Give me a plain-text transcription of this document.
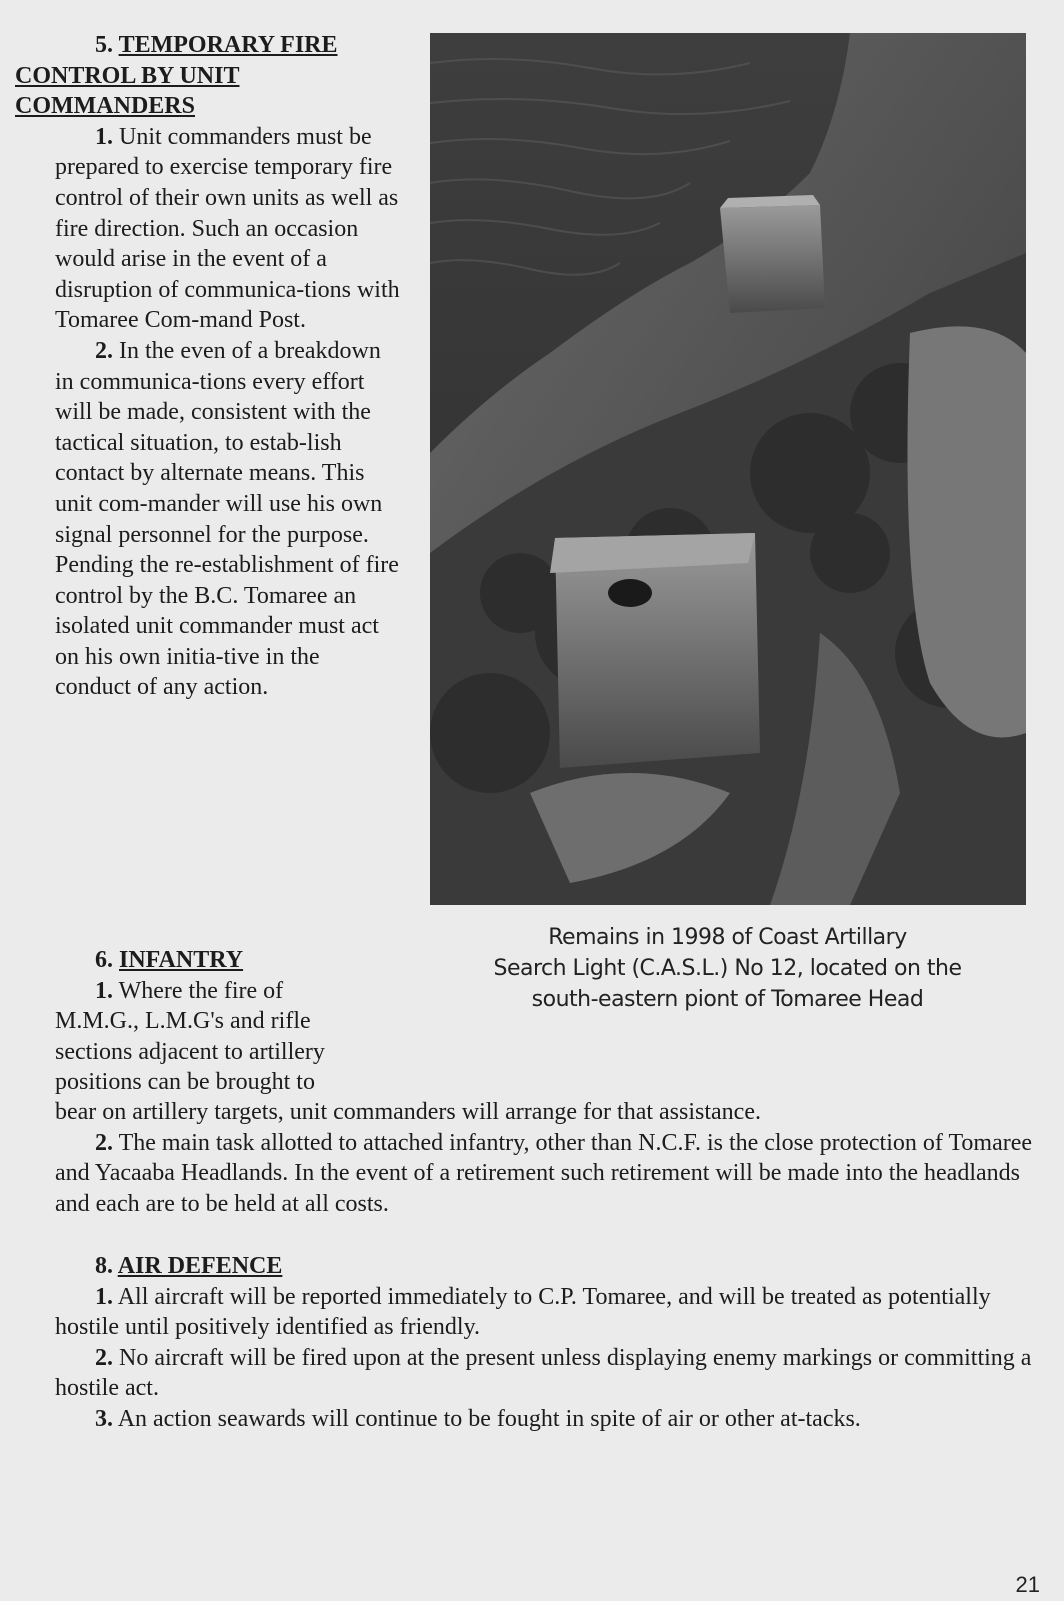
5. TEMPORARY FIRE
CONTROL BY UNIT
COMMANDERS

1. Unit commanders must be prepared to exercise temporary fire control of their own units as well as fire direction. Such an occasion would arise in the event of a disruption of communica-tions with Tomaree Com-mand Post.

2. In the even of a breakdown in communica-tions every effort will be made, consistent with the tactical situation, to estab-lish contact by alternate means. This unit com-mander will use his own signal personnel for the purpose. Pending the re-establishment of fire control by the B.C. Tomaree an isolated unit commander must act on his own initia-tive in the conduct of any action.

Remains in 1998 of Coast Artillary
Search Light (C.A.S.L.) No 12, located on the
south-eastern piont of Tomaree Head

6. INFANTRY

1. Where the fire of

M.M.G., L.M.G's and rifle
sections adjacent to artillery
positions can be brought to
bear on artillery targets, unit commanders will arrange for that assistance.

2. The main task allotted to attached infantry, other than N.C.F. is the close protection of Tomaree and Yacaaba Headlands. In the event of a retirement such retirement will be made into the headlands and each are to be held at all costs.

8. AIR DEFENCE

1. All aircraft will be reported immediately to C.P. Tomaree, and will be treated as potentially hostile until positively identified as friendly.

2. No aircraft will be fired upon at the present unless displaying enemy markings or committing a hostile act.

3. An action seawards will continue to be fought in spite of air or other at-tacks.

21
